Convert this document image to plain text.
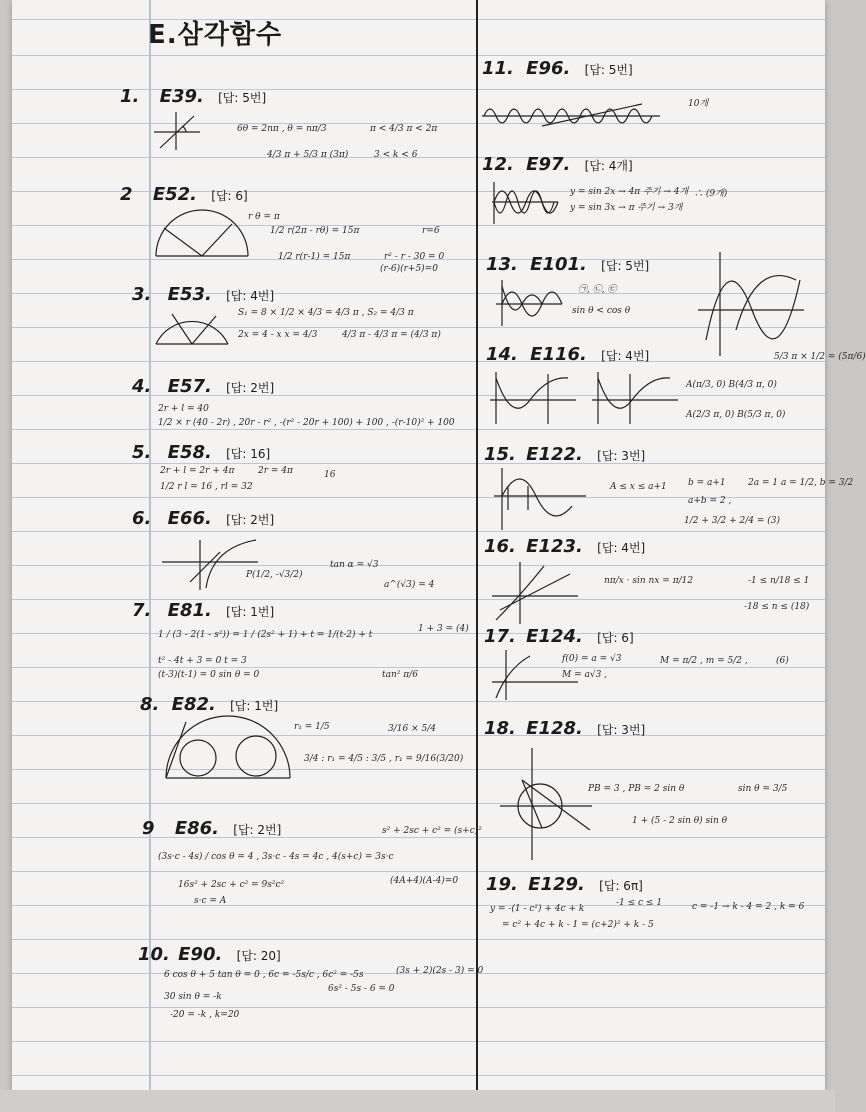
E.삼각함수
1. E39. [답: 5번]
6θ = 2nπ , θ = nπ/3	π < 4/3 π < 2π
4/3 π + 5/3 π (3π)	3 < k < 6
2 E52. [답: 6]
r θ = π
1/2 r(2π - rθ) = 15π
1/2 r(r-1) = 15π	r² - r - 30 = 0
(r-6)(r+5)=0
r=6
3. E53. [답: 4번]
S₁ = 8 × 1/2 × 4/3 = 4/3 π , S₂ = 4/3 π
2x = 4 - x x = 4/3	4/3 π - 4/3 π = (4/3 π)
4. E57. [답: 2번]
2r + l = 40
1/2 × r (40 - 2r) , 20r - r² , -(r² - 20r + 100) + 100 , -(r-10)² + 100
5. E58. [답: 16]
2r + l = 2r + 4π	2r = 4π
1/2 r l = 16 , rl = 32
16
6. E66. [답: 2번]
P(1/2, -√3/2)
tan α = √3
a^(√3) = 4
7. E81. [답: 1번]
1 / (3 - 2(1 - s²)) = 1 / (2s² + 1) + t = 1/(t-2) + t
t² - 4t + 3 = 0 t = 3
(t-3)(t-1) = 0 sin θ = 0
1 + 3 = (4)
tan² π/6
8. E82. [답: 1번]
r₁ = 1/5	3/16 × 5/4
3/4 : r₁ = 4/5 : 3/5 , r₁ = 9/16 (3/20)
9 E86. [답: 2번]
(3s·c - 4s) / cos θ = 4 , 3s·c - 4s = 4c , 4(s+c) = 3s·c
s² + 2sc + c² = (s+c)²
16s² + 2sc + c² = 9s²c²	(4A+4)(A-4)=0
s·c = A
10. E90. [답: 20]
6 cos θ + 5 tan θ = 0 , 6c = -5s/c , 6c² = -5s
6s² - 5s - 6 = 0
(3s + 2)(2s - 3) = 0
30 sin θ = -k
-20 = -k , k=20
11. E96. [답: 5번]
10개
12. E97. [답: 4개]
y = sin 2x → 4π 주기 → 4개
y = sin 3x → π 주기 → 3개
∴ (9개)
13. E101. [답: 5번]
㉠, ㉡, ㉢
sin θ < cos θ
5/3 π × 1/2 = (5π/6)
14. E116. [답: 4번]
A(π/3, 0) B(4/3 π, 0)
A(2/3 π, 0) B(5/3 π, 0)
15. E122. [답: 3번]
A ≤ x ≤ a+1 b = a+1
a+b = 2 ,
2a = 1 a = 1/2, b = 3/2
1/2 + 3/2 + 2/4 = (3)
16. E123. [답: 4번]
nπ/x · sin nx = π/12	-1 ≤ n/18 ≤ 1
-18 ≤ n ≤ (18)
17. E124. [답: 6]
f(0) = a = √3
M = a√3 ,
M = π/2 , m = 5/2 ,	(6)
18. E128. [답: 3번]
PB = 3 , PB = 2 sin θ	sin θ = 3/5
1 + (5 - 2 sin θ) sin θ
19. E129. [답: 6π]
y = -(1 - c²) + 4c + k
= c² + 4c + k - 1 = (c+2)² + k - 5
-1 ≤ c ≤ 1	c = -1 → k - 4 = 2 , k = 6
